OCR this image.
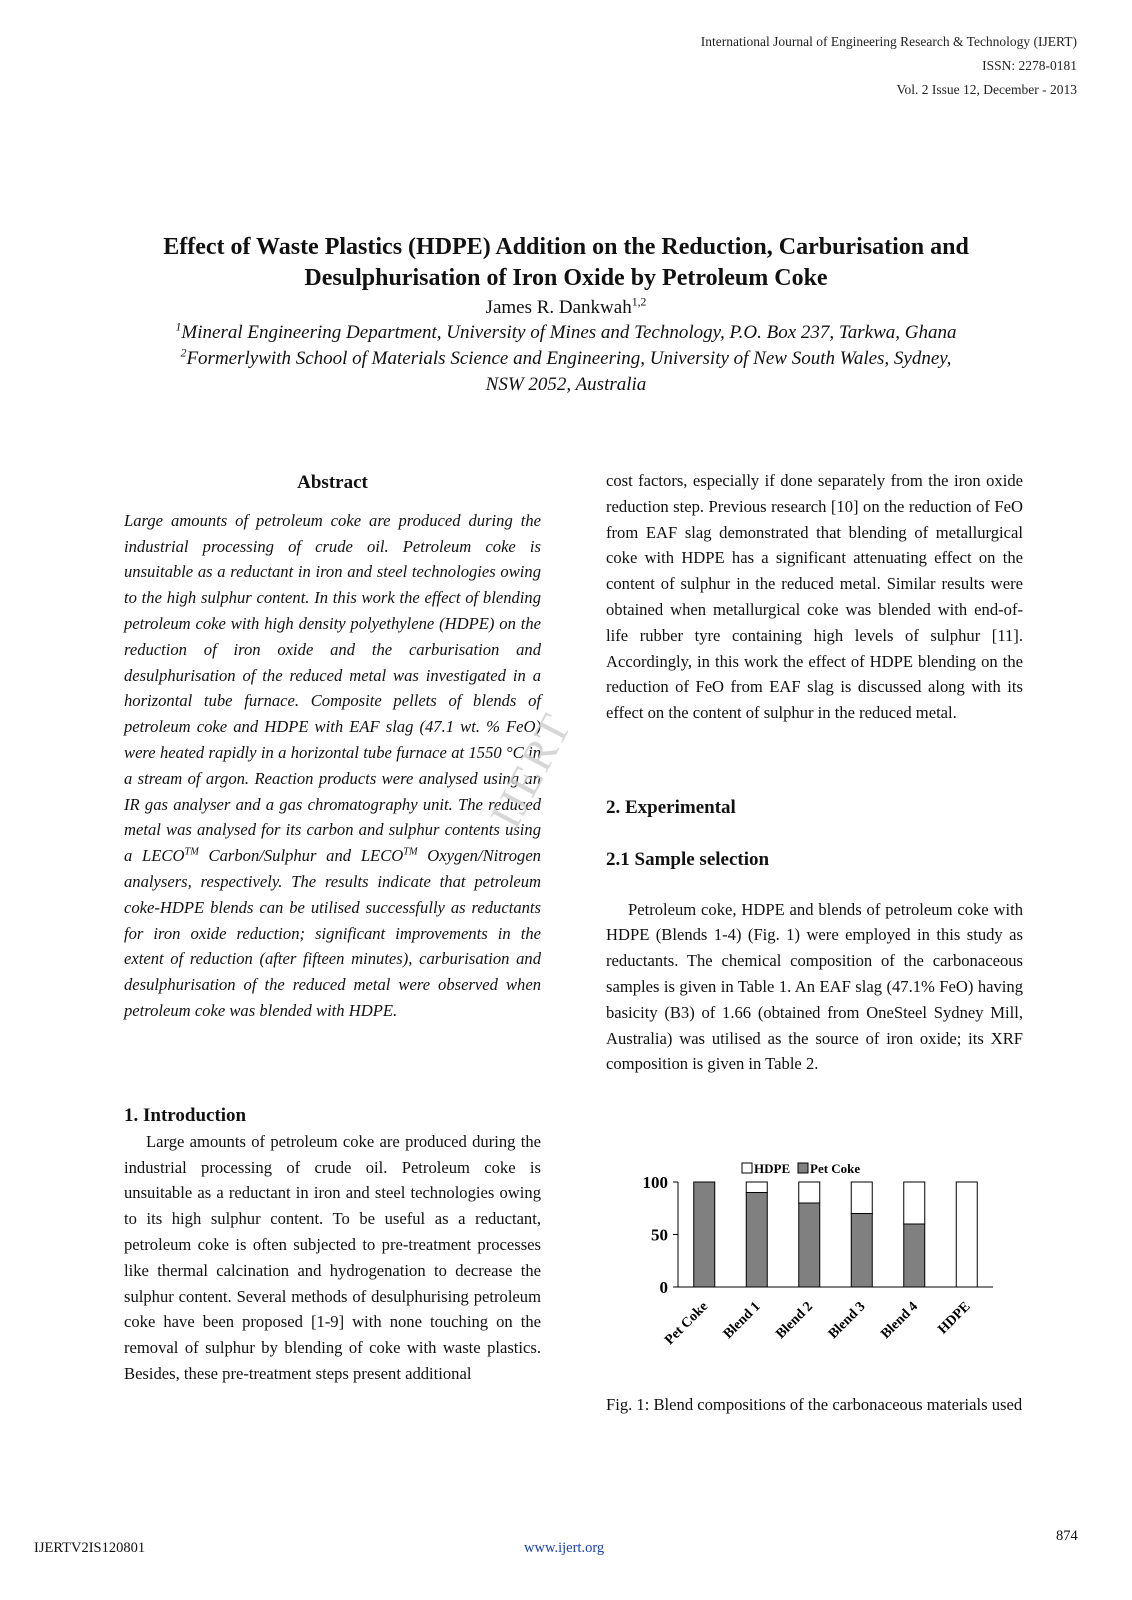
International Journal of Engineering Research & Technology (IJERT)
ISSN: 2278-0181
Vol. 2 Issue 12, December - 2013
Effect of Waste Plastics (HDPE) Addition on the Reduction, Carburisation and
Desulphurisation of Iron Oxide by Petroleum Coke
James R. Dankwah$^{1,2}$
$^1$Mineral Engineering Department, University of Mines and Technology, P.O. Box 237, Tarkwa, Ghana
$^2$Formerlywith School of Materials Science and Engineering, University of New South Wales, Sydney,
NSW 2052, Australia
Abstract

Large amounts of petroleum coke are produced during the industrial processing of crude oil. Petroleum coke is unsuitable as a reductant in iron and steel technologies owing to the high sulphur content. In this work the effect of blending petroleum coke with high density polyethylene (HDPE) on the reduction of iron oxide and the carburisation and desulphurisation of the reduced metal was investigated in a horizontal tube furnace. Composite pellets of blends of petroleum coke and HDPE with EAF slag (47.1 wt. % FeO) were heated rapidly in a horizontal tube furnace at 1550 °C in a stream of argon. Reaction products were analysed using an IR gas analyser and a gas chromatography unit. The reduced metal was analysed for its carbon and sulphur contents using a LECO™ Carbon/Sulphur and LECO™ Oxygen/Nitrogen analysers, respectively. The results indicate that petroleum coke-HDPE blends can be utilised successfully as reductants for iron oxide reduction; significant improvements in the extent of reduction (after fifteen minutes), carburisation and desulphurisation of the reduced metal were observed when petroleum coke was blended with HDPE.

1. Introduction

Large amounts of petroleum coke are produced during the industrial processing of crude oil. Petroleum coke is unsuitable as a reductant in iron and steel technologies owing to its high sulphur content. To be useful as a reductant, petroleum coke is often subjected to pre-treatment processes like thermal calcination and hydrogenation to decrease the sulphur content. Several methods of desulphurising petroleum coke have been proposed [1-9] with none touching on the removal of sulphur by blending of coke with waste plastics. Besides, these pre-treatment steps present additional

cost factors, especially if done separately from the iron oxide reduction step. Previous research [10] on the reduction of FeO from EAF slag demonstrated that blending of metallurgical coke with HDPE has a significant attenuating effect on the content of sulphur in the reduced metal. Similar results were obtained when metallurgical coke was blended with end-of-life rubber tyre containing high levels of sulphur [11]. Accordingly, in this work the effect of HDPE blending on the reduction of FeO from EAF slag is discussed along with its effect on the content of sulphur in the reduced metal.

2. Experimental
2.1 Sample selection

Petroleum coke, HDPE and blends of petroleum coke with HDPE (Blends 1-4) (Fig. 1) were employed in this study as reductants. The chemical composition of the carbonaceous samples is given in Table 1. An EAF slag (47.1% FeO) having basicity (B3) of 1.66 (obtained from OneSteel Sydney Mill, Australia) was utilised as the source of iron oxide; its XRF composition is given in Table 2.

0
50
100
Pet Coke Blend 1 Blend 2 Blend 3 Blend 4 HDPE
HDPE Pet Coke

Fig. 1: Blend compositions of the carbonaceous materials used

IJERT
IJERTV2IS120801	www.ijert.org
874
